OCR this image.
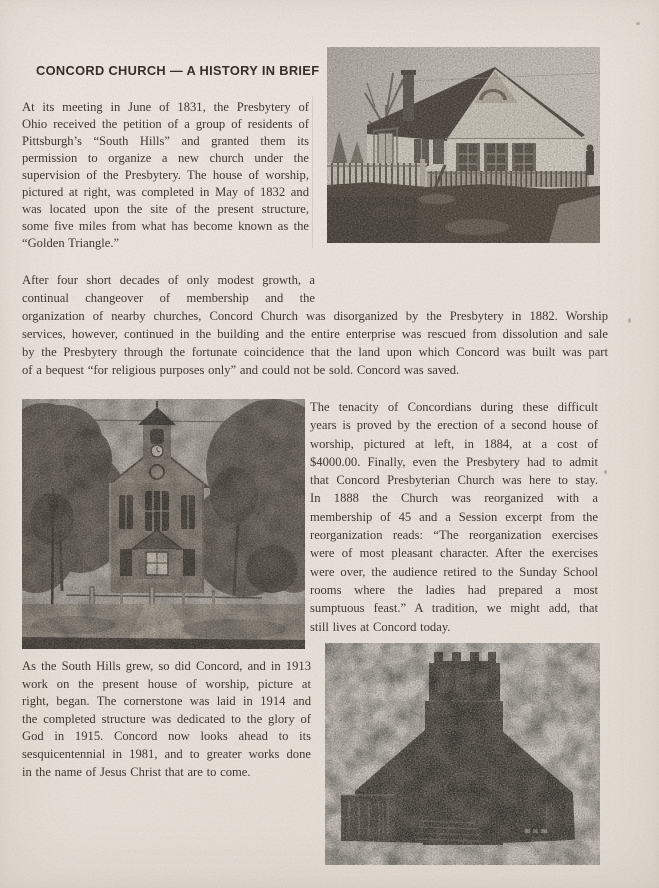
CONCORD CHURCH — A HISTORY IN BRIEF
At its meeting in June of 1831, the Presbytery of
Ohio received the petition of a group of residents of
Pittsburgh’s “South Hills” and granted them its
permission to organize a new church under the
supervision of the Presbytery. The house of worship,
pictured at right, was completed in May of 1832 and
was located upon the site of the present structure,
some five miles from what has become known as the
“Golden Triangle.”
After four short decades of only modest growth, a
continual changeover of membership and the
organization of nearby churches, Concord Church was disorganized by the Presbytery in 1882. Worship
services, however, continued in the building and the entire enterprise was rescued from dissolution and sale
by the Presbytery through the fortunate coincidence that the land upon which Concord was built was part
of a bequest “for religious purposes only” and could not be sold. Concord was saved.
The tenacity of Concordians during these difficult
years is proved by the erection of a second house of
worship, pictured at left, in 1884, at a cost of
$4000.00. Finally, even the Presbytery had to admit
that Concord Presbyterian Church was here to stay.
In 1888 the Church was reorganized with a
membership of 45 and a Session excerpt from the
reorganization reads: “The reorganization exercises
were of most pleasant character. After the exercises
were over, the audience retired to the Sunday School
rooms where the ladies had prepared a most
sumptuous feast.” A tradition, we might add, that
still lives at Concord today.
As the South Hills grew, so did Concord, and in 1913
work on the present house of worship, picture at
right, began. The cornerstone was laid in 1914 and
the completed structure was dedicated to the glory of
God in 1915. Concord now looks ahead to its
sesquicentennial in 1981, and to greater works done
in the name of Jesus Christ that are to come.
